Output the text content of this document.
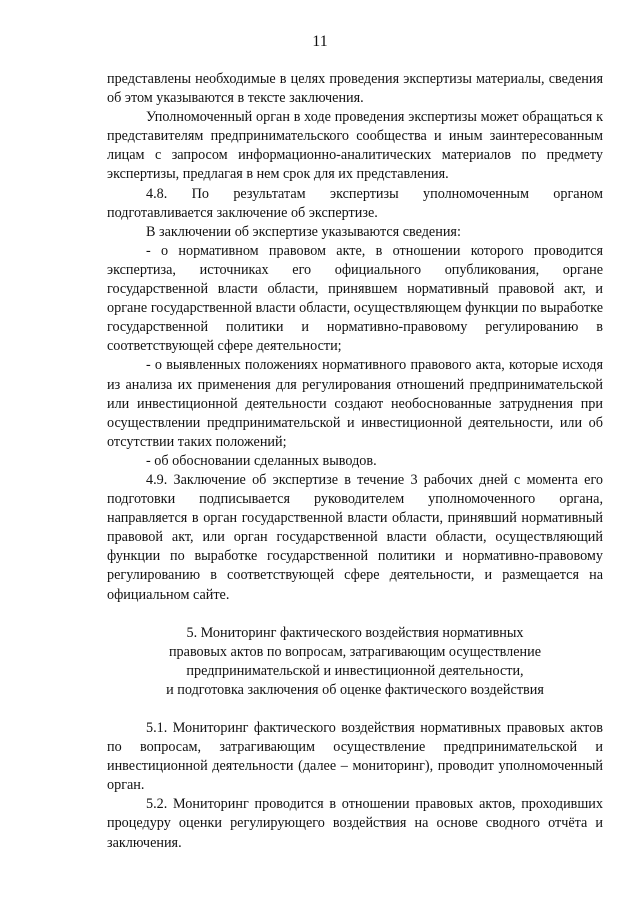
11

представлены необходимые в целях проведения экспертизы материалы, сведения об этом указываются в тексте заключения.

Уполномоченный орган в ходе проведения экспертизы может обращаться к представителям предпринимательского сообщества и иным заинтересованным лицам с запросом информационно-аналитических материалов по предмету экспертизы, предлагая в нем срок для их представления.

4.8. По результатам экспертизы уполномоченным органом подготавливается заключение об экспертизе.

В заключении об экспертизе указываются сведения:

- о нормативном правовом акте, в отношении которого проводится экспертиза, источниках его официального опубликования, органе государственной власти области, принявшем нормативный правовой акт, и органе государственной власти области, осуществляющем функции по выработке государственной политики и нормативно-правовому регулированию в соответствующей сфере деятельности;

- о выявленных положениях нормативного правового акта, которые исходя из анализа их применения для регулирования отношений предпринимательской или инвестиционной деятельности создают необоснованные затруднения при осуществлении предпринимательской и инвестиционной деятельности, или об отсутствии таких положений;

- об обосновании сделанных выводов.

4.9. Заключение об экспертизе в течение 3 рабочих дней с момента его подготовки подписывается руководителем уполномоченного органа, направляется в орган государственной власти области, принявший нормативный правовой акт, или орган государственной власти области, осуществляющий функции по выработке государственной политики и нормативно-правовому регулированию в соответствующей сфере деятельности, и размещается на официальном сайте.

5. Мониторинг фактического воздействия нормативных
правовых актов по вопросам, затрагивающим осуществление
предпринимательской и инвестиционной деятельности,
и подготовка заключения об оценке фактического воздействия

5.1. Мониторинг фактического воздействия нормативных правовых актов по вопросам, затрагивающим осуществление предпринимательской и инвестиционной деятельности (далее – мониторинг), проводит уполномоченный орган.

5.2. Мониторинг проводится в отношении правовых актов, проходивших процедуру оценки регулирующего воздействия на основе сводного отчёта и заключения.
